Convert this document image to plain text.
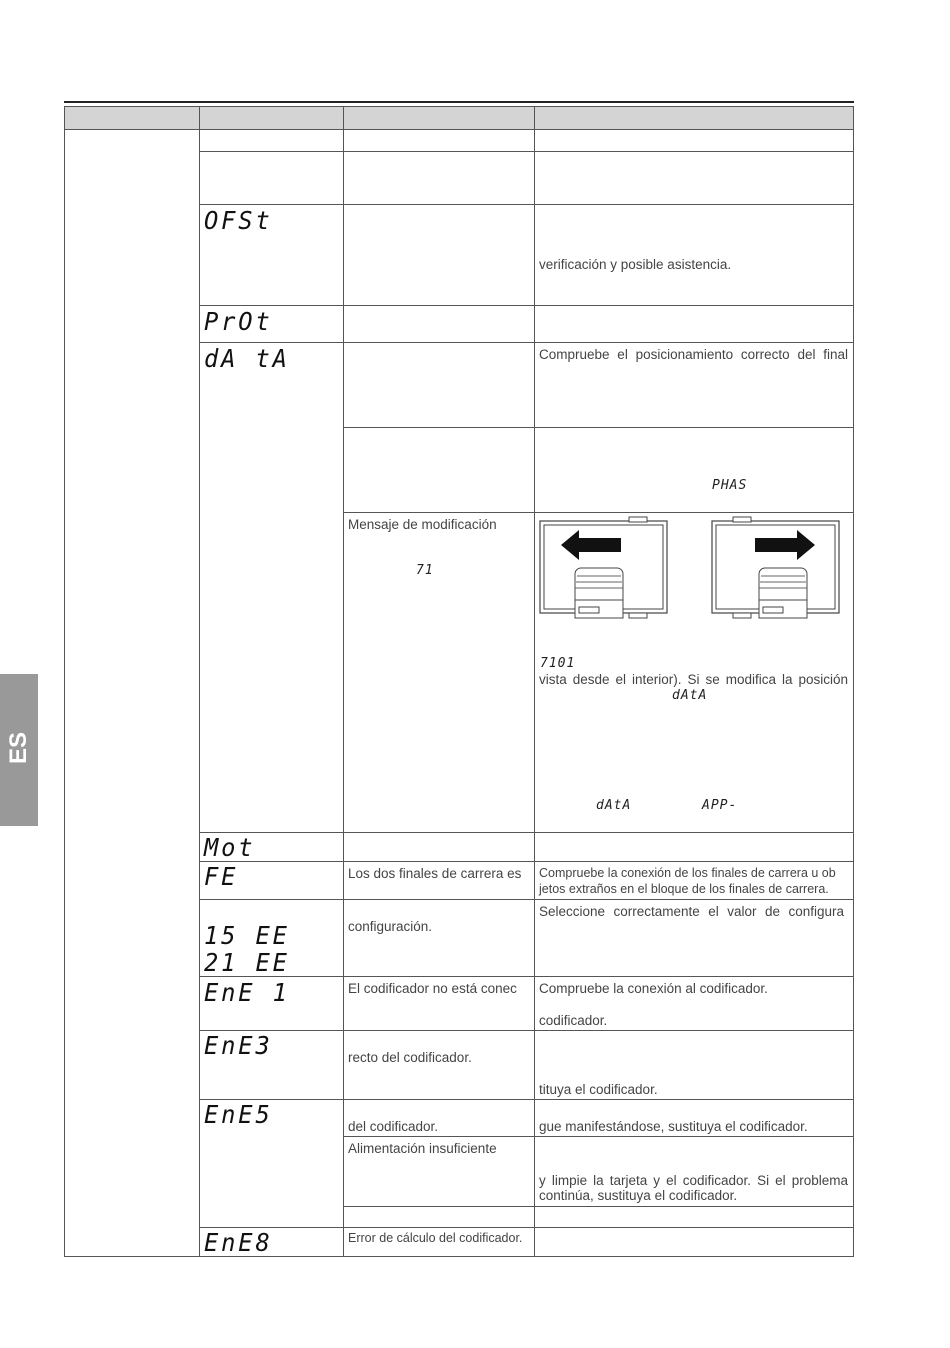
OFSt
PrOt
dA tA
Mot
FE
15 EE
21 EE
EnE 1
EnE3
EnE5
EnE8
PHAS
71
7101
dAtA
dAtA	APP-
verificación y posible asistencia.
Compruebe el posicionamiento correcto del final
Mensaje de modificación
vista desde el interior). Si se modifica la posición
Los dos finales de carrera es Compruebe la conexión de los finales de carrera u ob
jetos extraños en el bloque de los finales de carrera.
configuración.
Seleccione correctamente el valor de configura
El codificador no está conec Compruebe la conexión al codificador.
codificador.
recto del codificador.
tituya el codificador.
del codificador.	gue manifestándose, sustituya el codificador.
Alimentación insuficiente
y limpie la tarjeta y el codificador. Si el problema
continúa, sustituya el codificador.
Error de cálculo del codificador.
ES
